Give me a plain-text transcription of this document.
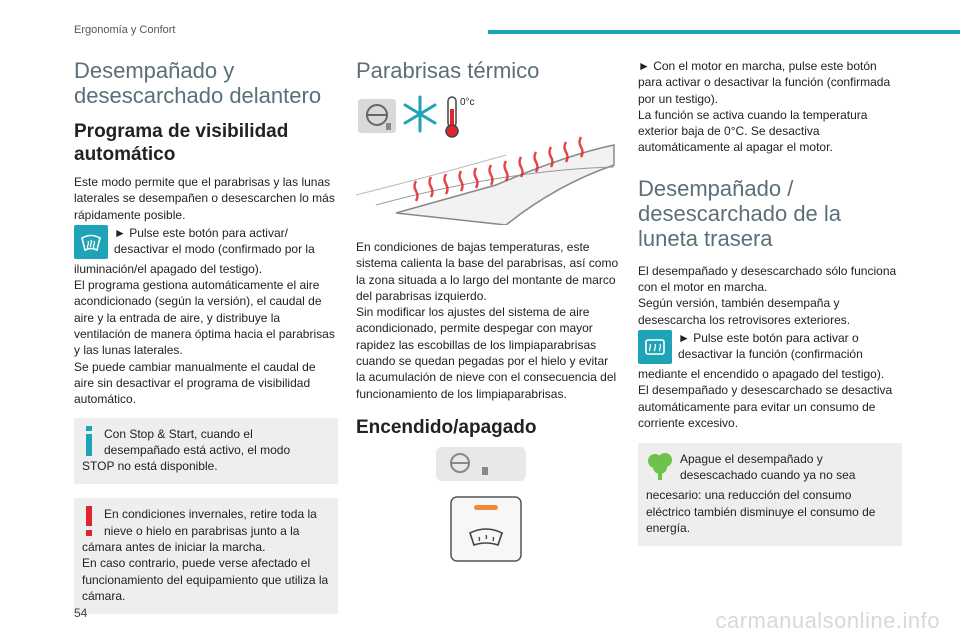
Ergonomía y Confort
Desempañado y desescarchado delantero
Programa de visibilidad automático

Este modo permite que el parabrisas y las lunas laterales se desempañen o desescarchen lo más rápidamente posible.

► Pulse este botón para activar/ desactivar el modo (confirmado por la

iluminación/el apagado del testigo).

El programa gestiona automáticamente el aire acondicionado (según la versión), el caudal de aire y la entrada de aire, y distribuye la ventilación de manera óptima hacia el parabrisas y las lunas laterales.

Se puede cambiar manualmente el caudal de aire sin desactivar el programa de visibilidad automático.

Con Stop & Start, cuando el desempañado está activo, el modo

STOP no está disponible.

En condiciones invernales, retire toda la nieve o hielo en parabrisas junto a la

cámara antes de iniciar la marcha.

En caso contrario, puede verse afectado el funcionamiento del equipamiento que utiliza la cámara.

Parabrisas térmico
0°c

En condiciones de bajas temperaturas, este sistema calienta la base del parabrisas, así como la zona situada a lo largo del montante de marco del parabrisas izquierdo.

Sin modificar los ajustes del sistema de aire acondicionado, permite despegar con mayor rapidez las escobillas de los limpiaparabrisas cuando se quedan pegadas por el hielo y evitar la acumulación de nieve con el consecuencia del funcionamiento de los limpiaparabrisas.

Encendido/apagado

► Con el motor en marcha, pulse este botón para activar o desactivar la función (confirmada por un testigo).

La función se activa cuando la temperatura exterior baja de 0°C. Se desactiva automáticamente al apagar el motor.

Desempañado / desescarchado de la luneta trasera

El desempañado y desescarchado sólo funciona con el motor en marcha.

Según versión, también desempaña y desescarcha los retrovisores exteriores.

► Pulse este botón para activar o desactivar la función (confirmación

mediante el encendido o apagado del testigo).

El desempañado y desescarchado se desactiva automáticamente para evitar un consumo de corriente excesivo.

Apague el desempañado y desescachado cuando ya no sea

necesario: una reducción del consumo eléctrico también disminuye el consumo de energía.

54	carmanualsonline.info
